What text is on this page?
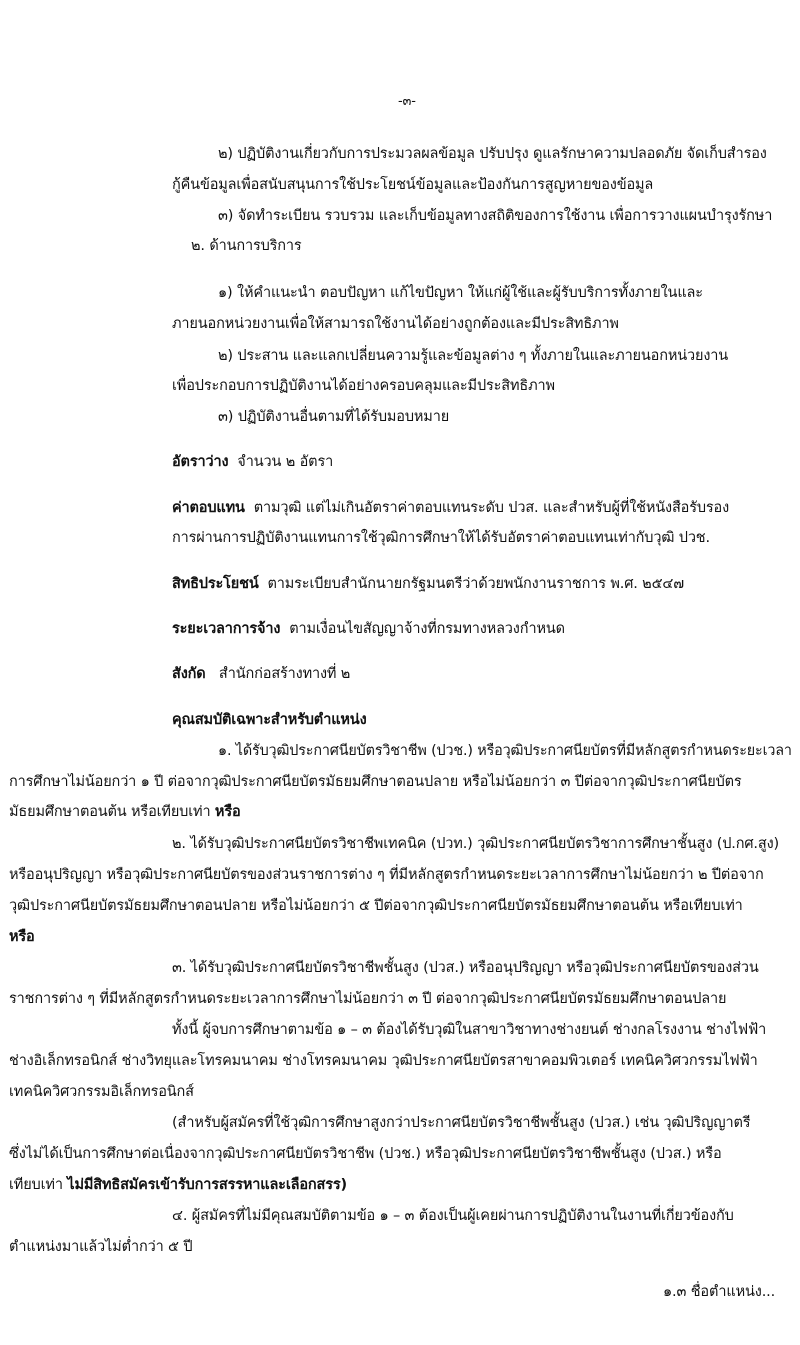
-๓-
๒) ปฏิบัติงานเกี่ยวกับการประมวลผลข้อมูล ปรับปรุง ดูแลรักษาความปลอดภัย จัดเก็บสำรอง
กู้คืนข้อมูลเพื่อสนับสนุนการใช้ประโยชน์ข้อมูลและป้องกันการสูญหายของข้อมูล
๓) จัดทำระเบียน รวบรวม และเก็บข้อมูลทางสถิติของการใช้งาน เพื่อการวางแผนบำรุงรักษา
๒. ด้านการบริการ
๑) ให้คำแนะนำ ตอบปัญหา แก้ไขปัญหา ให้แก่ผู้ใช้และผู้รับบริการทั้งภายในและ
ภายนอกหน่วยงานเพื่อให้สามารถใช้งานได้อย่างถูกต้องและมีประสิทธิภาพ
๒) ประสาน และแลกเปลี่ยนความรู้และข้อมูลต่าง ๆ ทั้งภายในและภายนอกหน่วยงาน
เพื่อประกอบการปฏิบัติงานได้อย่างครอบคลุมและมีประสิทธิภาพ
๓) ปฏิบัติงานอื่นตามที่ได้รับมอบหมาย
อัตราว่าง จำนวน ๒ อัตรา
ค่าตอบแทน ตามวุฒิ แต่ไม่เกินอัตราค่าตอบแทนระดับ ปวส. และสำหรับผู้ที่ใช้หนังสือรับรอง
การผ่านการปฏิบัติงานแทนการใช้วุฒิการศึกษาให้ได้รับอัตราค่าตอบแทนเท่ากับวุฒิ ปวช.
สิทธิประโยชน์ ตามระเบียบสำนักนายกรัฐมนตรีว่าด้วยพนักงานราชการ พ.ศ. ๒๕๔๗
ระยะเวลาการจ้าง ตามเงื่อนไขสัญญาจ้างที่กรมทางหลวงกำหนด
สังกัด สำนักก่อสร้างทางที่ ๒
คุณสมบัติเฉพาะสำหรับตำแหน่ง
๑. ได้รับวุฒิประกาศนียบัตรวิชาชีพ (ปวช.) หรือวุฒิประกาศนียบัตรที่มีหลักสูตรกำหนดระยะเวลา
การศึกษาไม่น้อยกว่า ๑ ปี ต่อจากวุฒิประกาศนียบัตรมัธยมศึกษาตอนปลาย หรือไม่น้อยกว่า ๓ ปีต่อจากวุฒิประกาศนียบัตร
มัธยมศึกษาตอนต้น หรือเทียบเท่า หรือ
๒. ได้รับวุฒิประกาศนียบัตรวิชาชีพเทคนิค (ปวท.) วุฒิประกาศนียบัตรวิชาการศึกษาชั้นสูง (ป.กศ.สูง)
หรืออนุปริญญา หรือวุฒิประกาศนียบัตรของส่วนราชการต่าง ๆ ที่มีหลักสูตรกำหนดระยะเวลาการศึกษาไม่น้อยกว่า ๒ ปีต่อจาก
วุฒิประกาศนียบัตรมัธยมศึกษาตอนปลาย หรือไม่น้อยกว่า ๕ ปีต่อจากวุฒิประกาศนียบัตรมัธยมศึกษาตอนต้น หรือเทียบเท่า
หรือ
๓. ได้รับวุฒิประกาศนียบัตรวิชาชีพชั้นสูง (ปวส.) หรืออนุปริญญา หรือวุฒิประกาศนียบัตรของส่วน
ราชการต่าง ๆ ที่มีหลักสูตรกำหนดระยะเวลาการศึกษาไม่น้อยกว่า ๓ ปี ต่อจากวุฒิประกาศนียบัตรมัธยมศึกษาตอนปลาย
ทั้งนี้ ผู้จบการศึกษาตามข้อ ๑ – ๓ ต้องได้รับวุฒิในสาขาวิชาทางช่างยนต์ ช่างกลโรงงาน ช่างไฟฟ้า
ช่างอิเล็กทรอนิกส์ ช่างวิทยุและโทรคมนาคม ช่างโทรคมนาคม วุฒิประกาศนียบัตรสาขาคอมพิวเตอร์ เทคนิควิศวกรรมไฟฟ้า
เทคนิควิศวกรรมอิเล็กทรอนิกส์
(สำหรับผู้สมัครที่ใช้วุฒิการศึกษาสูงกว่าประกาศนียบัตรวิชาชีพชั้นสูง (ปวส.) เช่น วุฒิปริญญาตรี
ซึ่งไม่ได้เป็นการศึกษาต่อเนื่องจากวุฒิประกาศนียบัตรวิชาชีพ (ปวช.) หรือวุฒิประกาศนียบัตรวิชาชีพชั้นสูง (ปวส.) หรือ
เทียบเท่า ไม่มีสิทธิสมัครเข้ารับการสรรหาและเลือกสรร)
๔. ผู้สมัครที่ไม่มีคุณสมบัติตามข้อ ๑ – ๓ ต้องเป็นผู้เคยผ่านการปฏิบัติงานในงานที่เกี่ยวข้องกับ
ตำแหน่งมาแล้วไม่ต่ำกว่า ๕ ปี
๑.๓ ชื่อตำแหน่ง...
